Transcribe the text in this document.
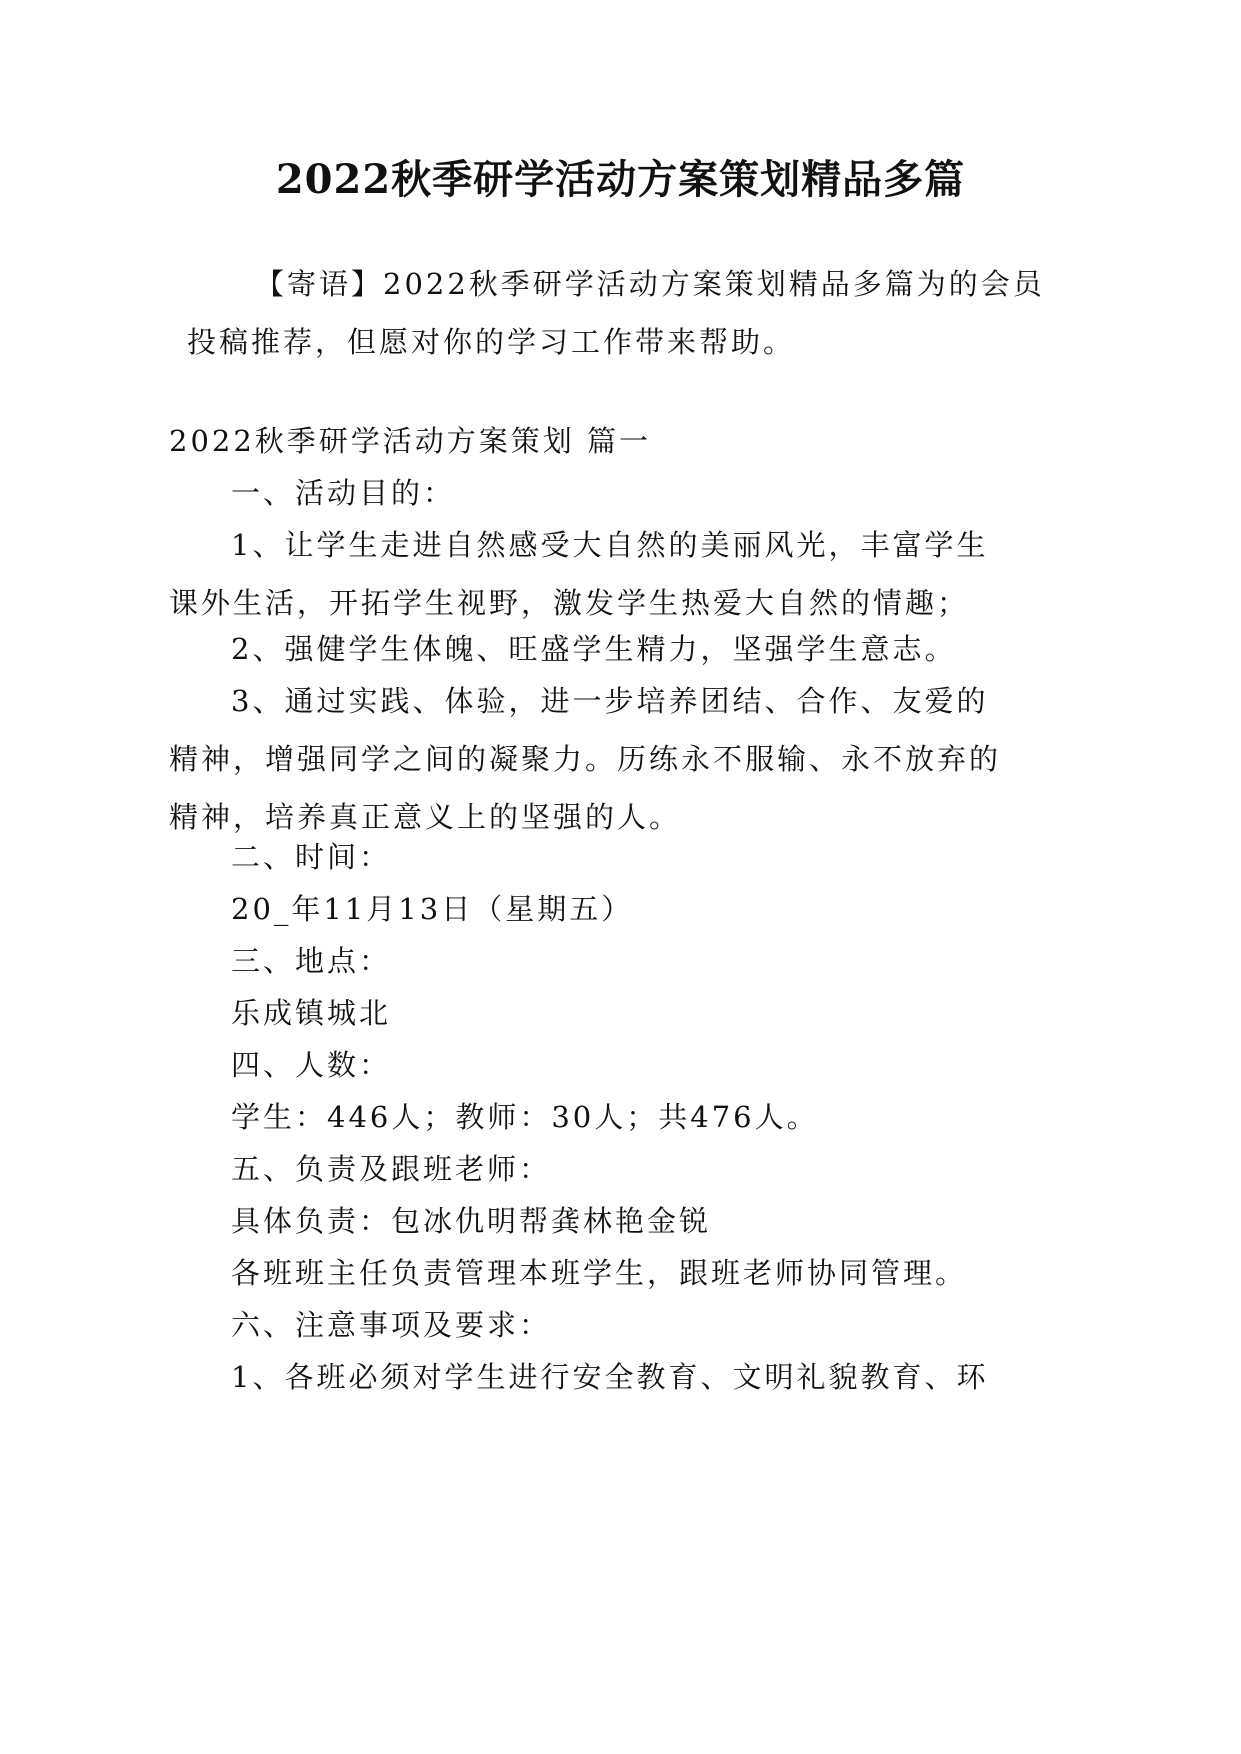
2022秋季研学活动方案策划精品多篇
【寄语】2022秋季研学活动方案策划精品多篇为的会员
投稿推荐，但愿对你的学习工作带来帮助。
2022秋季研学活动方案策划 篇一
一、活动目的：
1、让学生走进自然感受大自然的美丽风光，丰富学生
课外生活，开拓学生视野，激发学生热爱大自然的情趣；
2、强健学生体魄、旺盛学生精力，坚强学生意志。
3、通过实践、体验，进一步培养团结、合作、友爱的
精神，增强同学之间的凝聚力。历练永不服输、永不放弃的
精神，培养真正意义上的坚强的人。
二、时间：
20_年11月13日（星期五）
三、地点：
乐成镇城北
四、人数：
学生：446人；教师：30人；共476人。
五、负责及跟班老师：
具体负责：包冰仇明帮龚林艳金锐
各班班主任负责管理本班学生，跟班老师协同管理。
六、注意事项及要求：
1、各班必须对学生进行安全教育、文明礼貌教育、环
